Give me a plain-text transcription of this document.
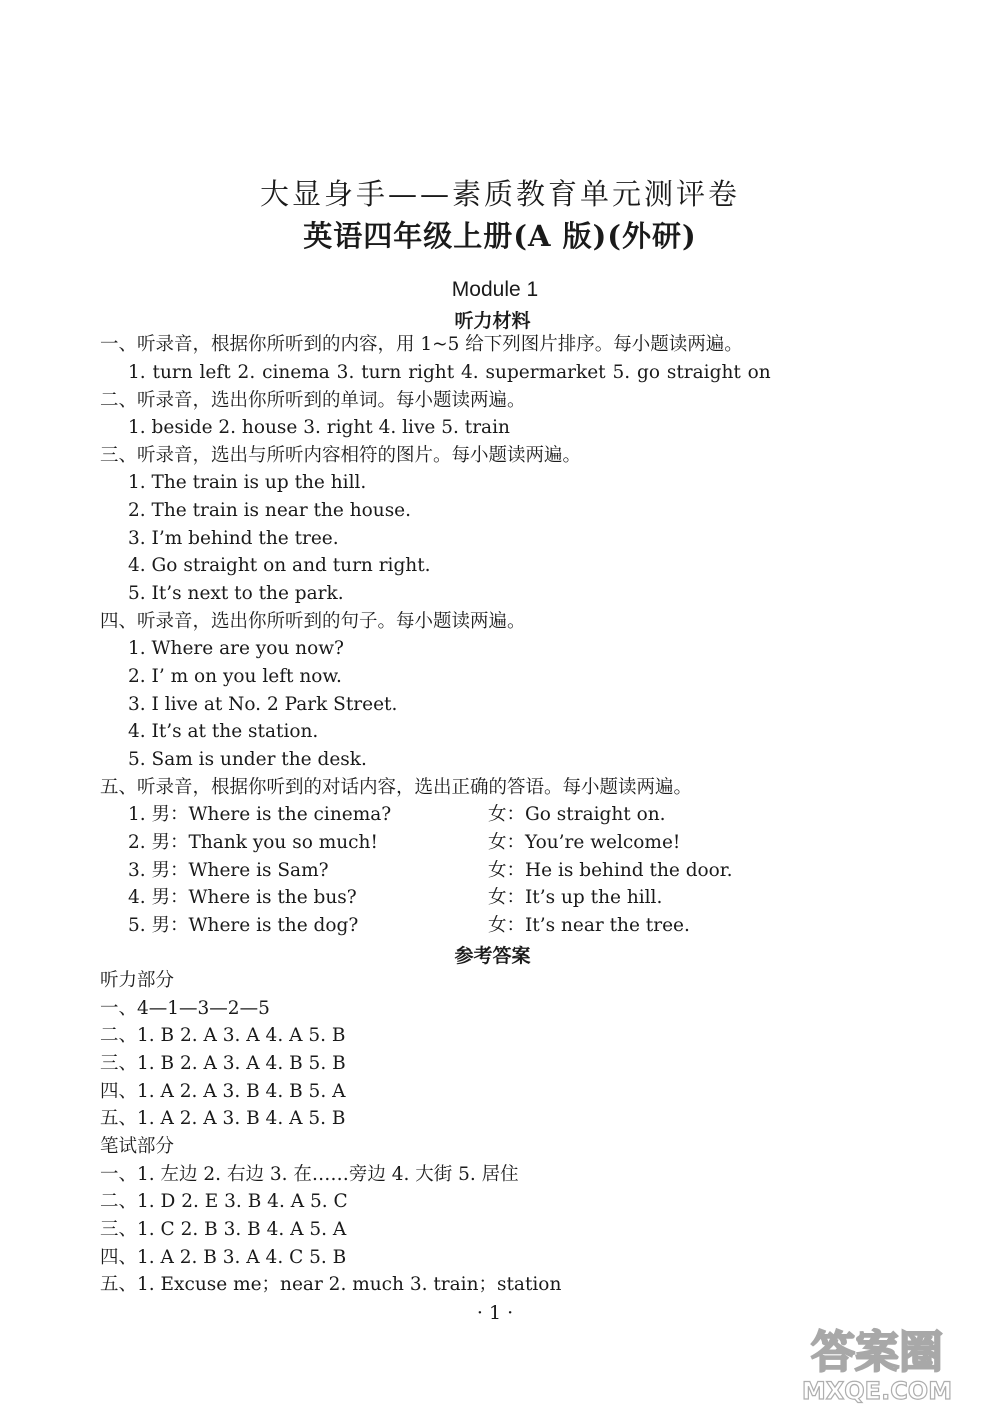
大显身手——素质教育单元测评卷
英语四年级上册(A 版)(外研)
Module 1
听力材料
一、听录音，根据你所听到的内容，用 1~5 给下列图片排序。每小题读两遍。
1. turn left 2. cinema 3. turn right 4. supermarket 5. go straight on
二、听录音，选出你所听到的单词。每小题读两遍。
1. beside 2. house 3. right 4. live 5. train
三、听录音，选出与所听内容相符的图片。每小题读两遍。
1. The train is up the hill.
2. The train is near the house.
3. I’m behind the tree.
4. Go straight on and turn right.
5. It’s next to the park.
四、听录音，选出你所听到的句子。每小题读两遍。
1. Where are you now?
2. I’ m on you left now.
3. I live at No. 2 Park Street.
4. It’s at the station.
5. Sam is under the desk.
五、听录音，根据你听到的对话内容，选出正确的答语。每小题读两遍。
1. 男：Where is the cinema?	女：Go straight on.
2. 男：Thank you so much!	女：You’re welcome!
3. 男：Where is Sam?	女：He is behind the door.
4. 男：Where is the bus?	女：It’s up the hill.
5. 男：Where is the dog?	女：It’s near the tree.
参考答案
听力部分
一、4—1—3—2—5
二、1. B 2. A 3. A 4. A 5. B
三、1. B 2. A 3. A 4. B 5. B
四、1. A 2. A 3. B 4. B 5. A
五、1. A 2. A 3. B 4. A 5. B
笔试部分
一、1. 左边 2. 右边 3. 在……旁边 4. 大街 5. 居住
二、1. D 2. E 3. B 4. A 5. C
三、1. C 2. B 3. B 4. A 5. A
四、1. A 2. B 3. A 4. C 5. B
五、1. Excuse me；near 2. much 3. train；station
· 1 ·
答案圈
MXQE.COM
